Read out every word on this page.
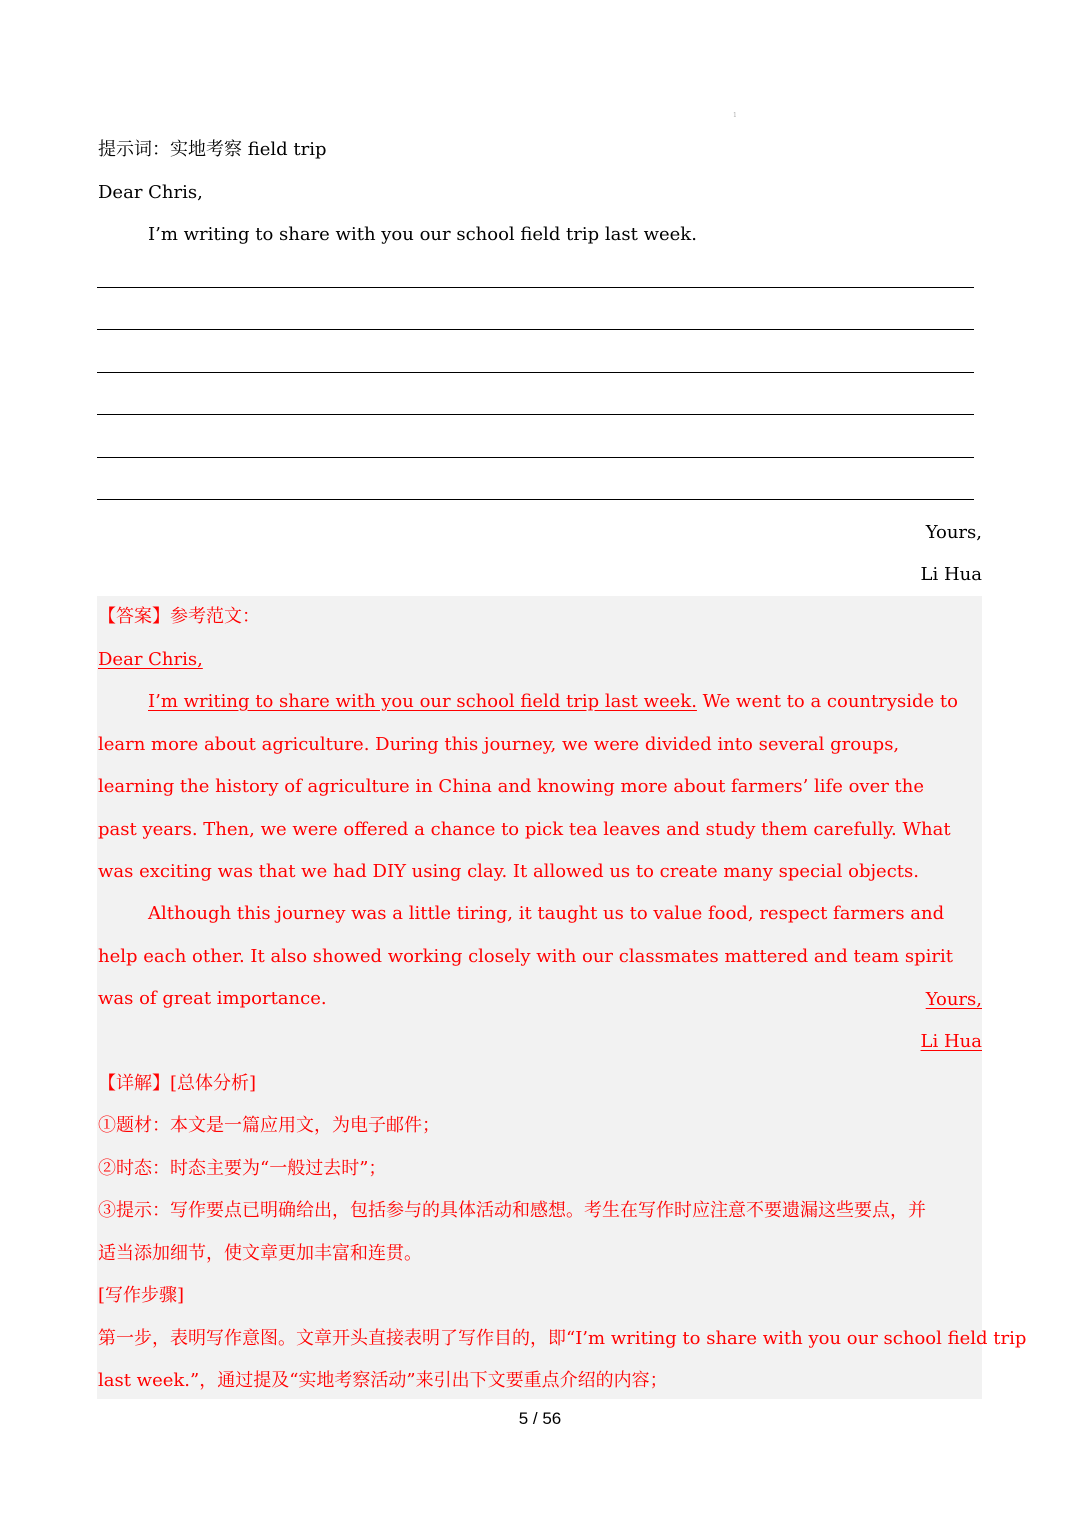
1
提示词：实地考察 field trip
Dear Chris,
I’m writing to share with you our school field trip last week.
Yours,
Li Hua
【答案】参考范文：
Dear Chris,
I’m writing to share with you our school field trip last week. We went to a countryside to learn more about agriculture. During this journey, we were divided into several groups, learning the history of agriculture in China and knowing more about farmers’ life over the past years. Then, we were offered a chance to pick tea leaves and study them carefully. What was exciting was that we had DIY using clay. It allowed us to create many special objects.
Although this journey was a little tiring, it taught us to value food, respect farmers and help each other. It also showed working closely with our classmates mattered and team spirit was of great importance.	Yours,
Li Hua
【详解】[总体分析]
①题材：本文是一篇应用文，为电子邮件；
②时态：时态主要为“一般过去时”；
③提示：写作要点已明确给出，包括参与的具体活动和感想。考生在写作时应注意不要遗漏这些要点，并
适当添加细节，使文章更加丰富和连贯。
[写作步骤]
第一步，表明写作意图。文章开头直接表明了写作目的，即“I’m writing to share with you our school field trip
last week.”，通过提及“实地考察活动”来引出下文要重点介绍的内容；
5 / 56
